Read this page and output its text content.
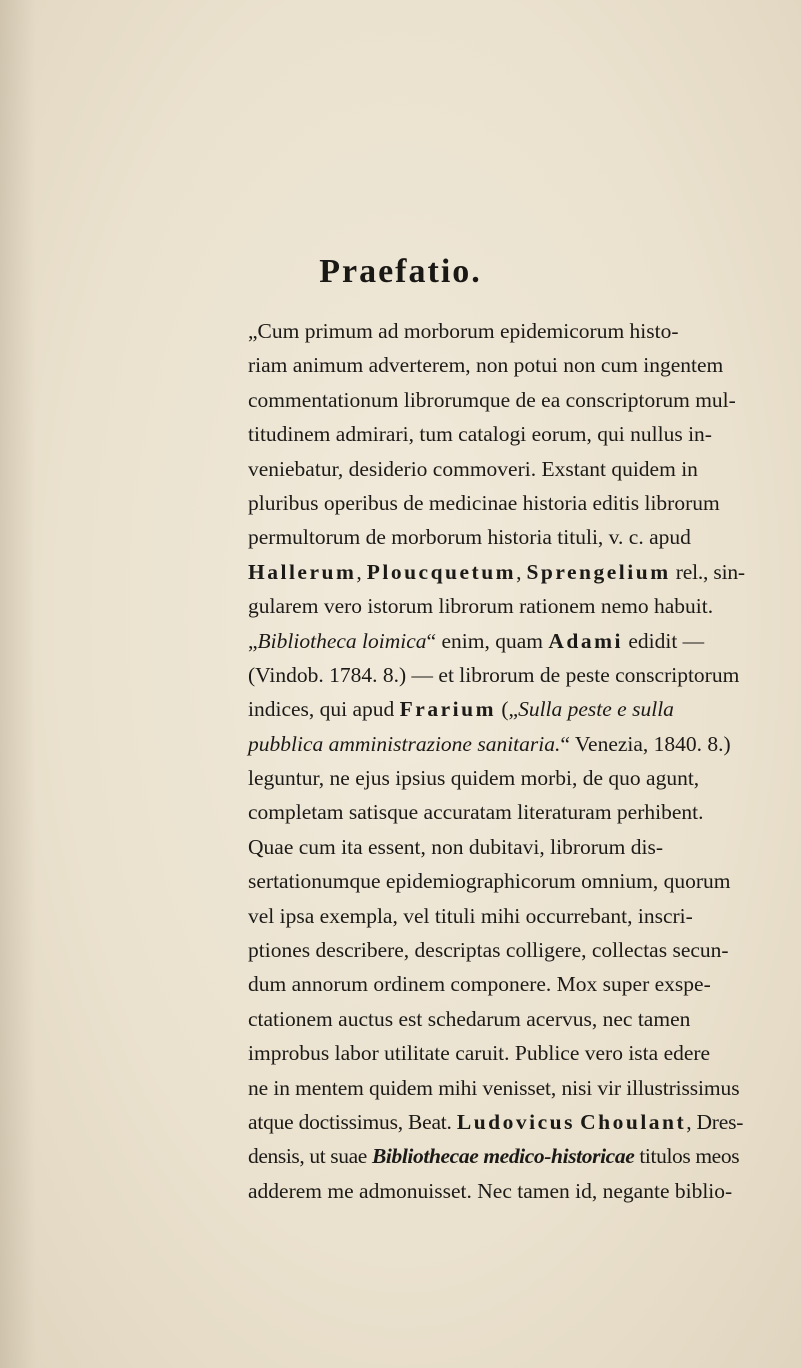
Praefatio.
„Cum primum ad morborum epidemicorum histo-
riam animum adverterem, non potui non cum ingentem
commentationum librorumque de ea conscriptorum mul-
titudinem admirari, tum catalogi eorum, qui nullus in-
veniebatur, desiderio commoveri. Exstant quidem in
pluribus operibus de medicinae historia editis librorum
permultorum de morborum historia tituli, v. c. apud
Hallerum, Ploucquetum, Sprengelium rel., sin-
gularem vero istorum librorum rationem nemo habuit.
„Bibliotheca loimica“ enim, quam Adami edidit —
(Vindob. 1784. 8.) — et librorum de peste conscriptorum
indices, qui apud Frarium („Sulla peste e sulla
pubblica amministrazione sanitaria.“ Venezia, 1840. 8.)
leguntur, ne ejus ipsius quidem morbi, de quo agunt,
completam satisque accuratam literaturam perhibent.
Quae cum ita essent, non dubitavi, librorum dis-
sertationumque epidemiographicorum omnium, quorum
vel ipsa exempla, vel tituli mihi occurrebant, inscri-
ptiones describere, descriptas colligere, collectas secun-
dum annorum ordinem componere. Mox super exspe-
ctationem auctus est schedarum acervus, nec tamen
improbus labor utilitate caruit. Publice vero ista edere
ne in mentem quidem mihi venisset, nisi vir illustrissimus
atque doctissimus, Beat. Ludovicus Choulant, Dres-
densis, ut suae Bibliothecae medico-historicae titulos meos
adderem me admonuisset. Nec tamen id, negante biblio-
